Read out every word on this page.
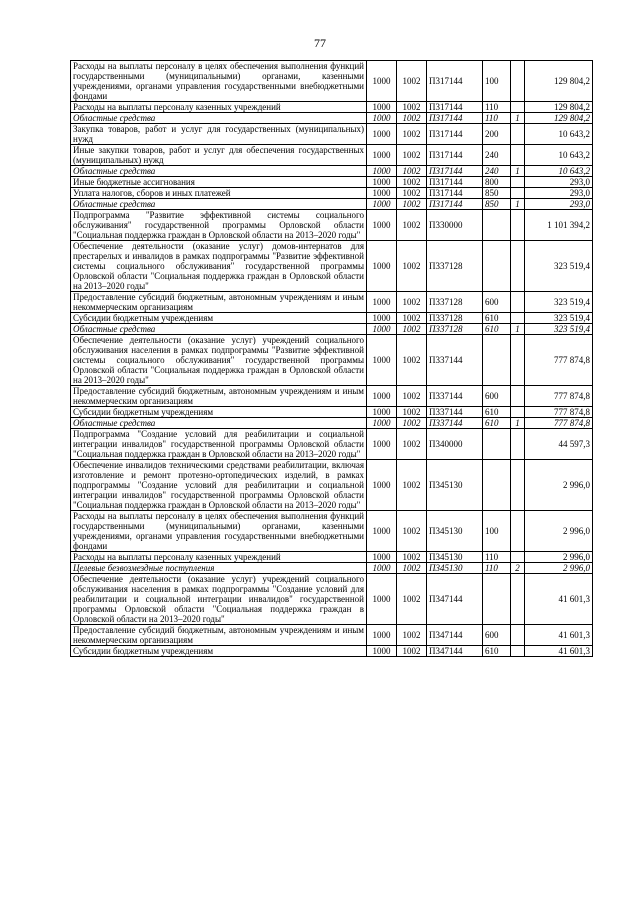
77
Расходы на выплаты персоналу в целях обеспечения выполнения функций государственными (муниципальными) органами, казенными учреждениями, органами управления государственными внебюджетными фондами	1000	1002	П317144	100		129 804,2
Расходы на выплаты персоналу казенных учреждений	1000	1002	П317144	110		129 804,2
Областные средства	1000	1002	П317144	110	1	129 804,2
Закупка товаров, работ и услуг для государственных (муниципальных) нужд	1000	1002	П317144	200		10 643,2
Иные закупки товаров, работ и услуг для обеспечения государственных (муниципальных) нужд	1000	1002	П317144	240		10 643,2
Областные средства	1000	1002	П317144	240	1	10 643,2
Иные бюджетные ассигнования	1000	1002	П317144	800		293,0
Уплата налогов, сборов и иных платежей	1000	1002	П317144	850		293,0
Областные средства	1000	1002	П317144	850	1	293,0
Подпрограмма "Развитие эффективной системы социального обслуживания" государственной программы Орловской области "Социальная поддержка граждан в Орловской области на 2013–2020 годы"	1000	1002	П330000			1 101 394,2
Обеспечение деятельности (оказание услуг) домов-интернатов для престарелых и инвалидов в рамках подпрограммы "Развитие эффективной системы социального обслуживания" государственной программы Орловской области "Социальная поддержка граждан в Орловской области на 2013–2020 годы"	1000	1002	П337128			323 519,4
Предоставление субсидий бюджетным, автономным учреждениям и иным некоммерческим организациям	1000	1002	П337128	600		323 519,4
Субсидии бюджетным учреждениям	1000	1002	П337128	610		323 519,4
Областные средства	1000	1002	П337128	610	1	323 519,4
Обеспечение деятельности (оказание услуг) учреждений социального обслуживания населения в рамках подпрограммы "Развитие эффективной системы социального обслуживания" государственной программы Орловской области "Социальная поддержка граждан в Орловской области на 2013–2020 годы"	1000	1002	П337144			777 874,8
Предоставление субсидий бюджетным, автономным учреждениям и иным некоммерческим организациям	1000	1002	П337144	600		777 874,8
Субсидии бюджетным учреждениям	1000	1002	П337144	610		777 874,8
Областные средства	1000	1002	П337144	610	1	777 874,8
Подпрограмма "Создание условий для реабилитации и социальной интеграции инвалидов" государственной программы Орловской области "Социальная поддержка граждан в Орловской области на 2013–2020 годы"	1000	1002	П340000			44 597,3
Обеспечение инвалидов техническими средствами реабилитации, включая изготовление и ремонт протезно-ортопедических изделий, в рамках подпрограммы "Создание условий для реабилитации и социальной интеграции инвалидов" государственной программы Орловской области "Социальная поддержка граждан в Орловской области на 2013–2020 годы"	1000	1002	П345130			2 996,0
Расходы на выплаты персоналу в целях обеспечения выполнения функций государственными (муниципальными) органами, казенными учреждениями, органами управления государственными внебюджетными фондами	1000	1002	П345130	100		2 996,0
Расходы на выплаты персоналу казенных учреждений	1000	1002	П345130	110		2 996,0
Целевые безвозмездные поступления	1000	1002	П345130	110	2	2 996,0
Обеспечение деятельности (оказание услуг) учреждений социального обслуживания населения в рамках подпрограммы "Создание условий для реабилитации и социальной интеграции инвалидов" государственной программы Орловской области "Социальная поддержка граждан в Орловской области на 2013–2020 годы"	1000	1002	П347144			41 601,3
Предоставление субсидий бюджетным, автономным учреждениям и иным некоммерческим организациям	1000	1002	П347144	600		41 601,3
Субсидии бюджетным учреждениям	1000	1002	П347144	610		41 601,3
